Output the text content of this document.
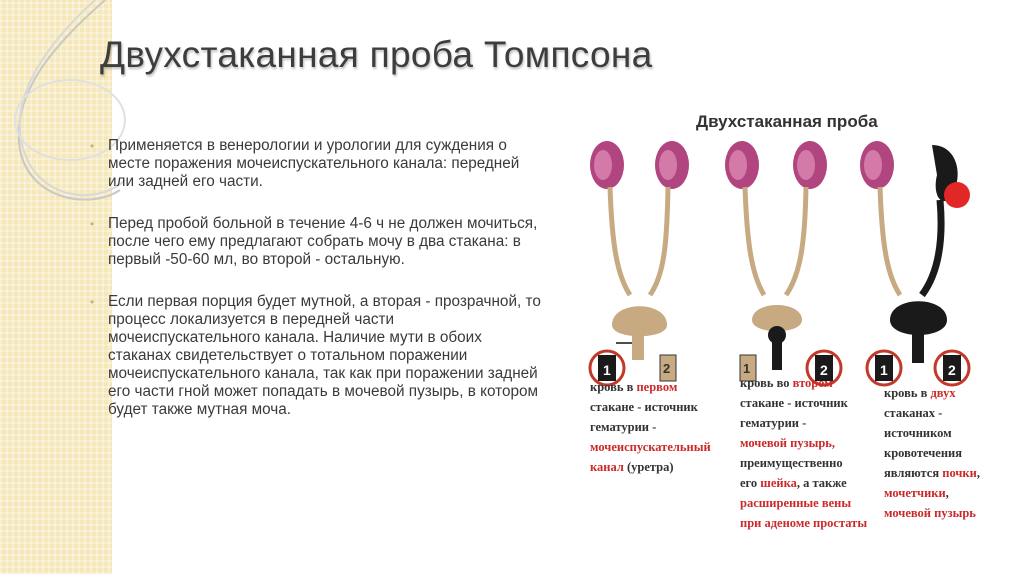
Двухстаканная проба Томпсона
• Применяется в венерологии и урологии для суждения о месте поражения мочеиспускательного канала: передней или задней его части.
• Перед пробой больной в течение 4-6 ч не должен мочиться, после чего ему предлагают собрать мочу в два стакана: в первый -50-60 мл, во второй - остальную.
• Если первая порция будет мутной, а вторая - прозрачной, то процесс локализуется в передней части мочеиспускательного канала. Наличие мути в обоих стаканах свидетельствует о тотальном поражении мочеиспускательного канала, так как при поражении задней его части гной может попадать в мочевой пузырь, в котором будет также мутная моча.
Двухстаканная проба
1	2	1	2	1	2
кровь в первом
стакане - источник
гематурии -
мочеиспускательный
канал (уретра)
кровь во втором
стакане - источник
гематурии -
мочевой пузырь,
преимущественно
его шейка, а также
расширенные вены
при аденоме простаты
кровь в двух
стаканах -
источником
кровотечения
являются почки,
мочетчики,
мочевой пузырь
